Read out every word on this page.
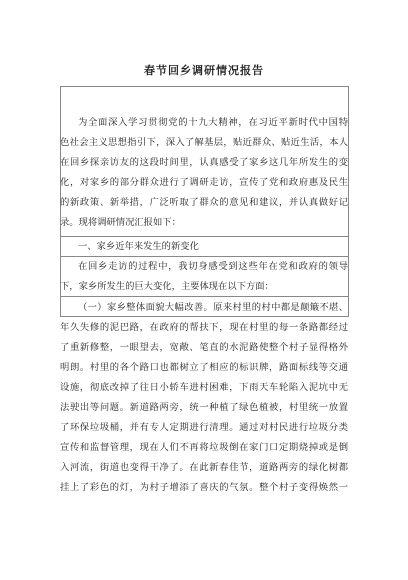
春节回乡调研情况报告
为全面深入学习贯彻党的十九大精神，在习近平新时代中国特
色社会主义思想指引下，深入了解基层，贴近群众、贴近生活，本人
在回乡探亲访友的这段时间里，认真感受了家乡这几年所发生的变
化，对家乡的部分群众进行了调研走访，宣传了党和政府惠及民生
的新政策、新举措，广泛听取了群众的意见和建议，并认真做好记
录。现将调研情况汇报如下：
一、家乡近年来发生的新变化
在回乡走访的过程中，我切身感受到这些年在党和政府的领导
下，家乡所发生的巨大变化，主要体现在以下方面：
（一）家乡整体面貌大幅改善。原来村里的村中都是颠簸不堪、
年久失修的泥巴路，在政府的帮扶下，现在村里的每一条路都经过
了重新修整，一眼望去，宽敞、笔直的水泥路使整个村子显得格外
明朗。村里的各个路口也都树立了相应的标识牌，路面标线等交通
设施，彻底改掉了往日小轿车进村困难，下雨天车轮陷入泥坑中无
法驶出等问题。新道路两旁，统一种植了绿色植被，村里统一放置
了环保垃圾桶，并有专人定期进行清理。通过对村民进行垃圾分类
宣传和监督管理，现在人们不再将垃圾倒在家门口定期烧掉或是倒
入河流，街道也变得干净了。在此新春佳节，道路两旁的绿化树都
挂上了彩色的灯，为村子增添了喜庆的气氛。整个村子变得焕然一
